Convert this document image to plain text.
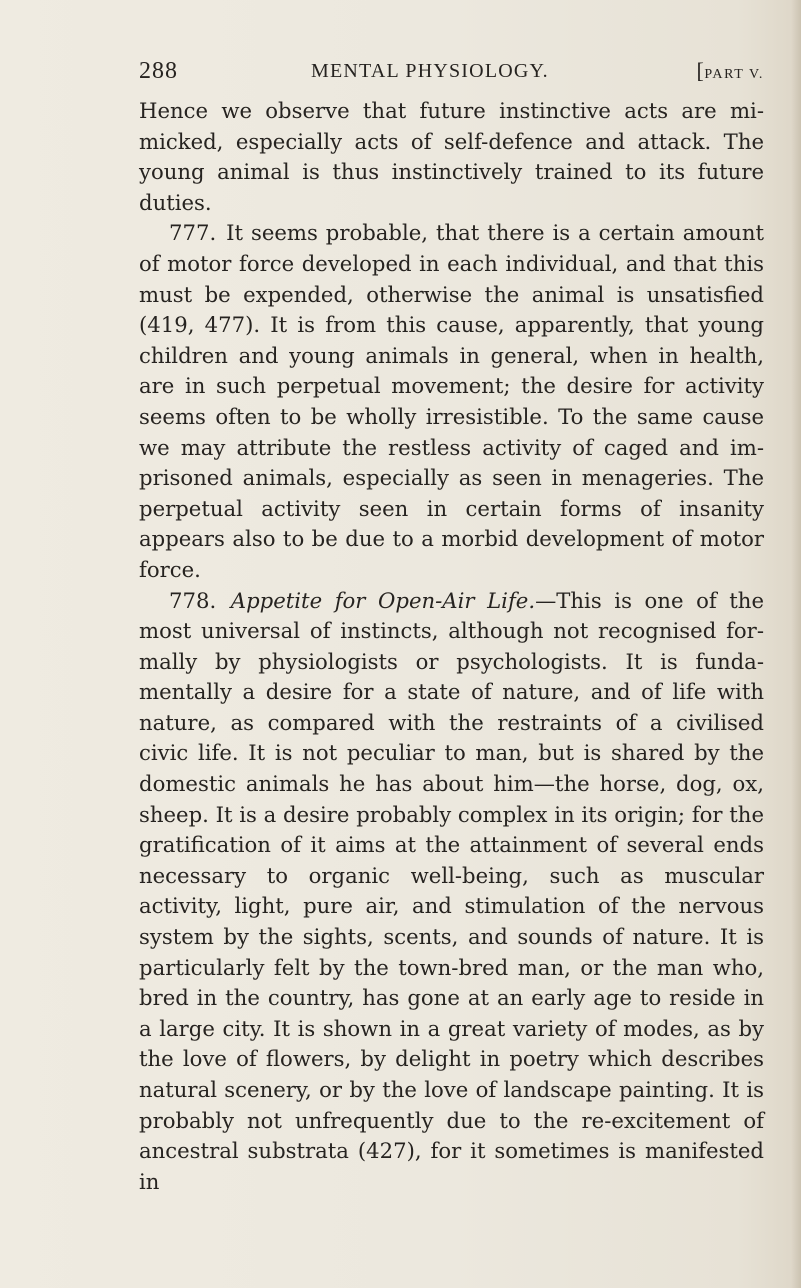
288	MENTAL PHYSIOLOGY.	[PART V.

Hence we observe that future instinctive acts are mimicked, especially acts of self-defence and attack. The young animal is thus instinctively trained to its future duties.

777. It seems probable, that there is a certain amount of motor force developed in each individual, and that this must be expended, otherwise the animal is unsatisfied (419, 477). It is from this cause, apparently, that young children and young animals in general, when in health, are in such perpetual movement; the desire for activity seems often to be wholly irresistible. To the same cause we may attribute the restless activity of caged and imprisoned animals, especially as seen in menageries. The perpetual activity seen in certain forms of insanity appears also to be due to a morbid development of motor force.

778. Appetite for Open-Air Life.—This is one of the most universal of instincts, although not recognised formally by physiologists or psychologists. It is fundamentally a desire for a state of nature, and of life with nature, as compared with the restraints of a civilised civic life. It is not peculiar to man, but is shared by the domestic animals he has about him—the horse, dog, ox, sheep. It is a desire probably complex in its origin; for the gratification of it aims at the attainment of several ends necessary to organic well-being, such as muscular activity, light, pure air, and stimulation of the nervous system by the sights, scents, and sounds of nature. It is particularly felt by the town-bred man, or the man who, bred in the country, has gone at an early age to reside in a large city. It is shown in a great variety of modes, as by the love of flowers, by delight in poetry which describes natural scenery, or by the love of landscape painting. It is probably not unfrequently due to the re-excitement of ancestral substrata (427), for it sometimes is manifested in
